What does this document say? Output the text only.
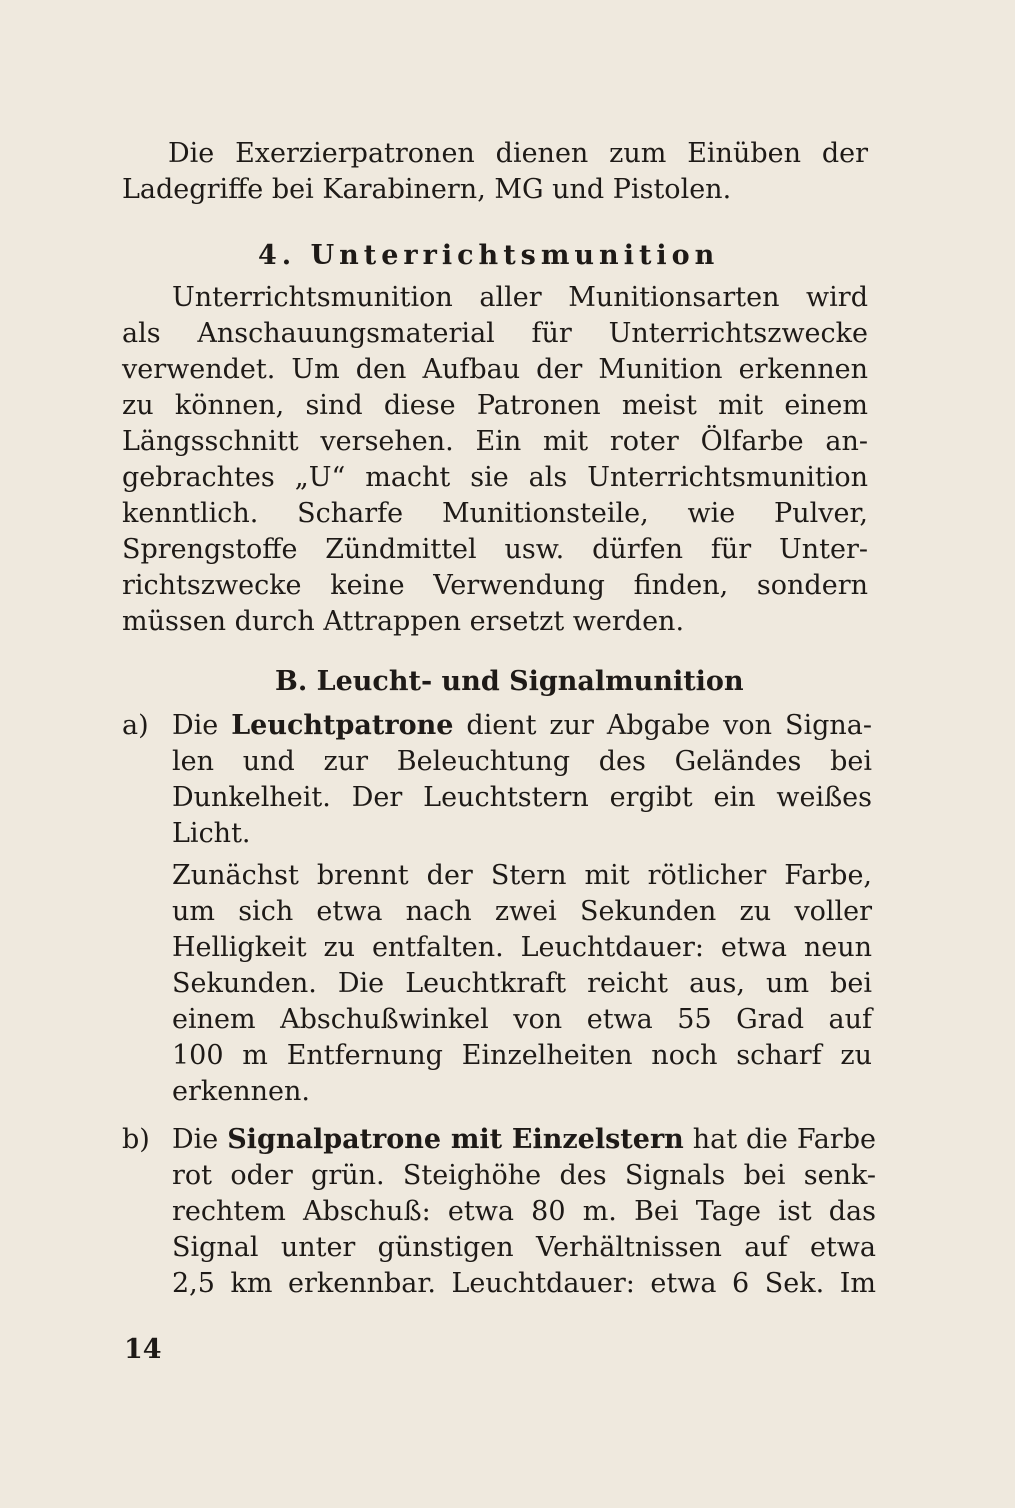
Die Exerzierpatronen dienen zum Einüben der
Ladegriffe bei Karabinern, MG und Pistolen.
4. Unterrichtsmunition
Unterrichtsmunition aller Munitionsarten wird
als Anschauungsmaterial für Unterrichtszwecke
verwendet. Um den Aufbau der Munition erkennen
zu können, sind diese Patronen meist mit einem
Längsschnitt versehen. Ein mit roter Ölfarbe an-
gebrachtes „U“ macht sie als Unterrichtsmunition
kenntlich. Scharfe Munitionsteile, wie Pulver,
Sprengstoffe Zündmittel usw. dürfen für Unter-
richtszwecke keine Verwendung finden, sondern
müssen durch Attrappen ersetzt werden.
B. Leucht- und Signalmunition
a) Die Leuchtpatrone dient zur Abgabe von Signa-
len und zur Beleuchtung des Geländes bei
Dunkelheit. Der Leuchtstern ergibt ein weißes
Licht.
Zunächst brennt der Stern mit rötlicher Farbe,
um sich etwa nach zwei Sekunden zu voller
Helligkeit zu entfalten. Leuchtdauer: etwa neun
Sekunden. Die Leuchtkraft reicht aus, um bei
einem Abschußwinkel von etwa 55 Grad auf
100 m Entfernung Einzelheiten noch scharf zu
erkennen.
b) Die Signalpatrone mit Einzelstern hat die Farbe
rot oder grün. Steighöhe des Signals bei senk-
rechtem Abschuß: etwa 80 m. Bei Tage ist das
Signal unter günstigen Verhältnissen auf etwa
2,5 km erkennbar. Leuchtdauer: etwa 6 Sek. Im
14
